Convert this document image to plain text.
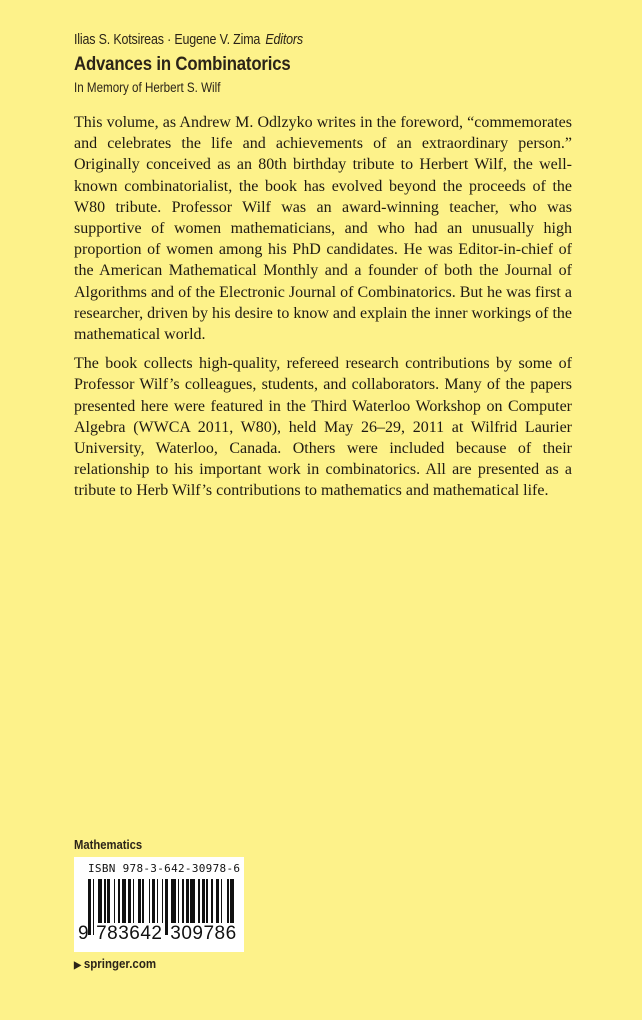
Ilias S. Kotsireas · Eugene V. Zima Editors
Advances in Combinatorics
In Memory of Herbert S. Wilf

This volume, as Andrew M. Odlzyko writes in the foreword, “commemorates and celebrates the life and achievements of an extraordinary person.” Originally conceived as an 80th birthday tribute to Herbert Wilf, the well-known combinatorialist, the book has evolved beyond the proceeds of the W80 tribute. Professor Wilf was an award-winning teacher, who was supportive of women mathematicians, and who had an unusually high proportion of women among his PhD candidates. He was Editor-in-chief of the American Mathematical Monthly and a founder of both the Journal of Algorithms and of the Electronic Journal of Combinatorics. But he was first a researcher, driven by his desire to know and explain the inner workings of the mathematical world.

The book collects high-quality, refereed research contributions by some of Professor Wilf’s colleagues, students, and collaborators. Many of the papers presented here were featured in the Third Waterloo Workshop on Computer Algebra (WWCA 2011, W80), held May 26–29, 2011 at Wilfrid Laurier University, Waterloo, Canada. Others were included because of their relationship to his important work in combinatorics. All are presented as a tribute to Herb Wilf’s contributions to mathematics and mathematical life.

Mathematics
ISBN 978-3-642-30978-6
9 783642 309786
▶ springer.com
